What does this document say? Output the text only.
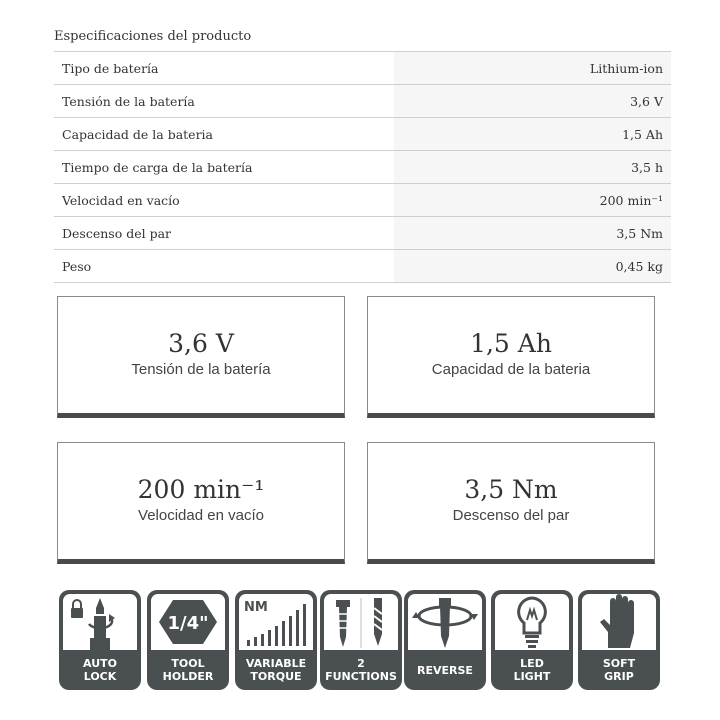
Especificaciones del producto
Tipo de batería	Lithium-ion
Tensión de la batería	3,6 V
Capacidad de la bateria	1,5 Ah
Tiempo de carga de la batería	3,5 h
Velocidad en vacío	200 min⁻¹
Descenso del par	3,5 Nm
Peso	0,45 kg
3,6 V
Tensión de la batería
1,5 Ah
Capacidad de la bateria
200 min⁻¹
Velocidad en vacío
3,5 Nm
Descenso del par
AUTO
LOCK
1/4"
TOOL
HOLDER
NM
VARIABLE
TORQUE
2
FUNCTIONS	REVERSE	LED
LIGHT
SOFT
GRIP
